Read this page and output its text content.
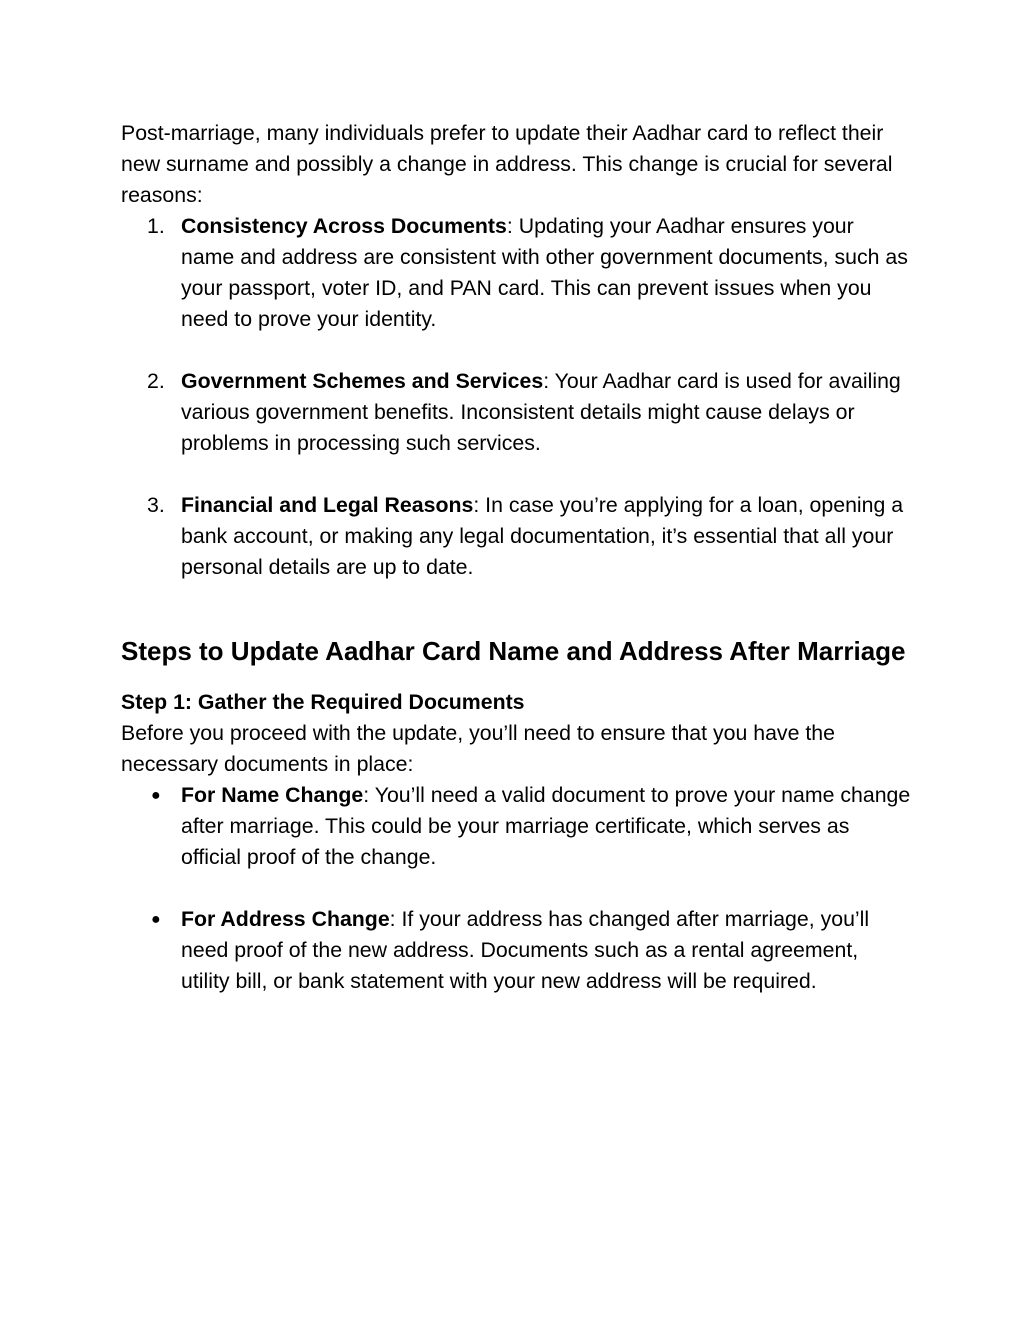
Post-marriage, many individuals prefer to update their Aadhar card to reflect their new surname and possibly a change in address. This change is crucial for several reasons:

1. Consistency Across Documents: Updating your Aadhar ensures your name and address are consistent with other government documents, such as your passport, voter ID, and PAN card. This can prevent issues when you need to prove your identity.
2. Government Schemes and Services: Your Aadhar card is used for availing various government benefits. Inconsistent details might cause delays or problems in processing such services.
3. Financial and Legal Reasons: In case you’re applying for a loan, opening a bank account, or making any legal documentation, it’s essential that all your personal details are up to date.
Steps to Update Aadhar Card Name and Address After Marriage
Step 1: Gather the Required Documents

Before you proceed with the update, you’ll need to ensure that you have the necessary documents in place:

● For Name Change: You’ll need a valid document to prove your name change after marriage. This could be your marriage certificate, which serves as official proof of the change.
● For Address Change: If your address has changed after marriage, you’ll need proof of the new address. Documents such as a rental agreement, utility bill, or bank statement with your new address will be required.
